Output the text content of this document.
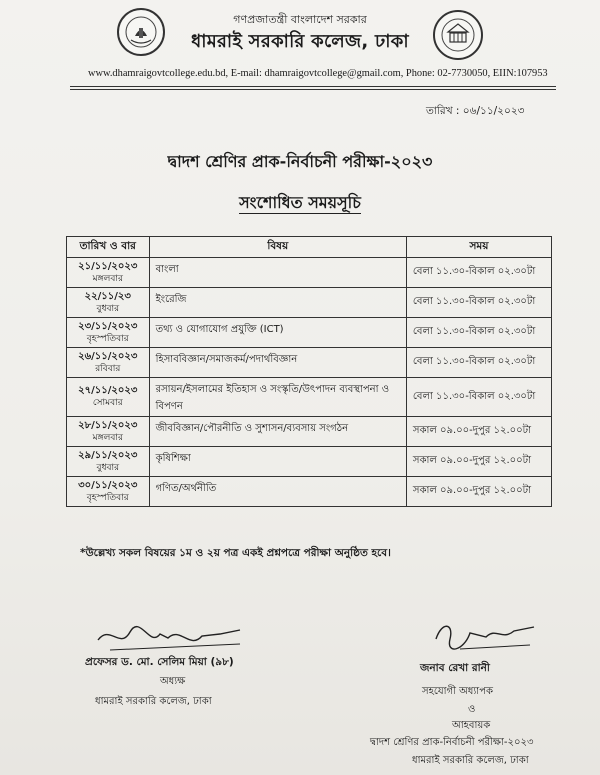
গণপ্রজাতন্ত্রী বাংলাদেশ সরকার
ধামরাই সরকারি কলেজ, ঢাকা
www.dhamraigovtcollege.edu.bd, E-mail: dhamraigovtcollege@gmail.com, Phone: 02-7730050, EIIN:107953
তারিখ : ০৬/১১/২০২৩
দ্বাদশ শ্রেণির প্রাক-নির্বাচনী পরীক্ষা-২০২৩
সংশোধিত সময়সূচি
তারিখ ও বার	বিষয়	সময়

২১/১১/২০২৩
মঙ্গলবার	বাংলা	বেলা ১১.৩০-বিকাল ০২.৩০টা

২২/১১/২৩
বুধবার	ইংরেজি	বেলা ১১.৩০-বিকাল ০২.৩০টা

২৩/১১/২০২৩
বৃহস্পতিবার	তথ্য ও যোগাযোগ প্রযুক্তি (ICT)	বেলা ১১.৩০-বিকাল ০২.৩০টা

২৬/১১/২০২৩
রবিবার	হিসাববিজ্ঞান/সমাজকর্ম/পদার্থবিজ্ঞান	বেলা ১১.৩০-বিকাল ০২.৩০টা

২৭/১১/২০২৩
সোমবার	রসায়ন/ইসলামের ইতিহাস ও সংস্কৃতি/উৎপাদন ব্যবস্থাপনা ও বিপণন	বেলা ১১.৩০-বিকাল ০২.৩০টা

২৮/১১/২০২৩
মঙ্গলবার	জীববিজ্ঞান/পৌরনীতি ও সুশাসন/ব্যবসায় সংগঠন	সকাল ০৯.০০-দুপুর ১২.০০টা

২৯/১১/২০২৩
বুধবার	কৃষিশিক্ষা	সকাল ০৯.০০-দুপুর ১২.০০টা

৩০/১১/২০২৩
বৃহস্পতিবার	গণিত/অর্থনীতি	সকাল ০৯.০০-দুপুর ১২.০০টা
*উল্লেখ্য সকল বিষয়ের ১ম ও ২য় পত্র একই প্রশ্নপত্রে পরীক্ষা অনুষ্ঠিত হবে।
প্রফেসর ড. মো. সেলিম মিয়া (৯৮)
অধ্যক্ষ
ধামরাই সরকারি কলেজ, ঢাকা
জনাব রেখা রানী
সহযোগী অধ্যাপক
ও
আহবায়ক
দ্বাদশ শ্রেণির প্রাক-নির্বাচনী পরীক্ষা-২০২৩
ধামরাই সরকারি কলেজ, ঢাকা
